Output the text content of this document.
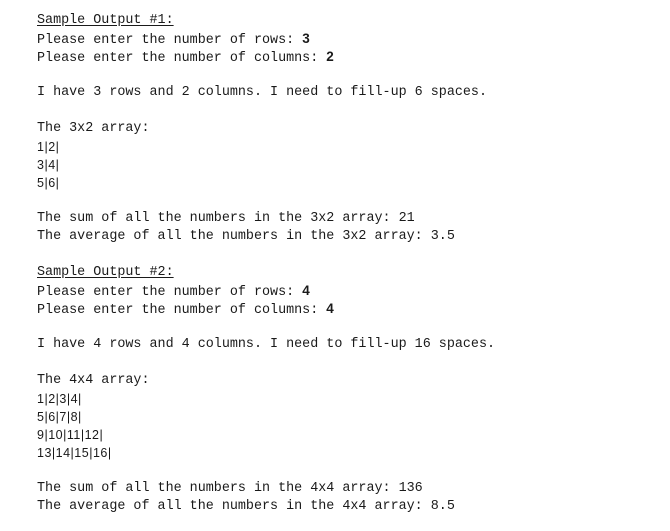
Sample Output #1:
Please enter the number of rows: 3
Please enter the number of columns: 2
I have 3 rows and 2 columns. I need to fill-up 6 spaces.
The 3x2 array:
1|2|
3|4|
5|6|
The sum of all the numbers in the 3x2 array: 21
The average of all the numbers in the 3x2 array: 3.5
Sample Output #2:
Please enter the number of rows: 4
Please enter the number of columns: 4
I have 4 rows and 4 columns. I need to fill-up 16 spaces.
The 4x4 array:
1|2|3|4|
5|6|7|8|
9|10|11|12|
13|14|15|16|
The sum of all the numbers in the 4x4 array: 136
The average of all the numbers in the 4x4 array: 8.5
